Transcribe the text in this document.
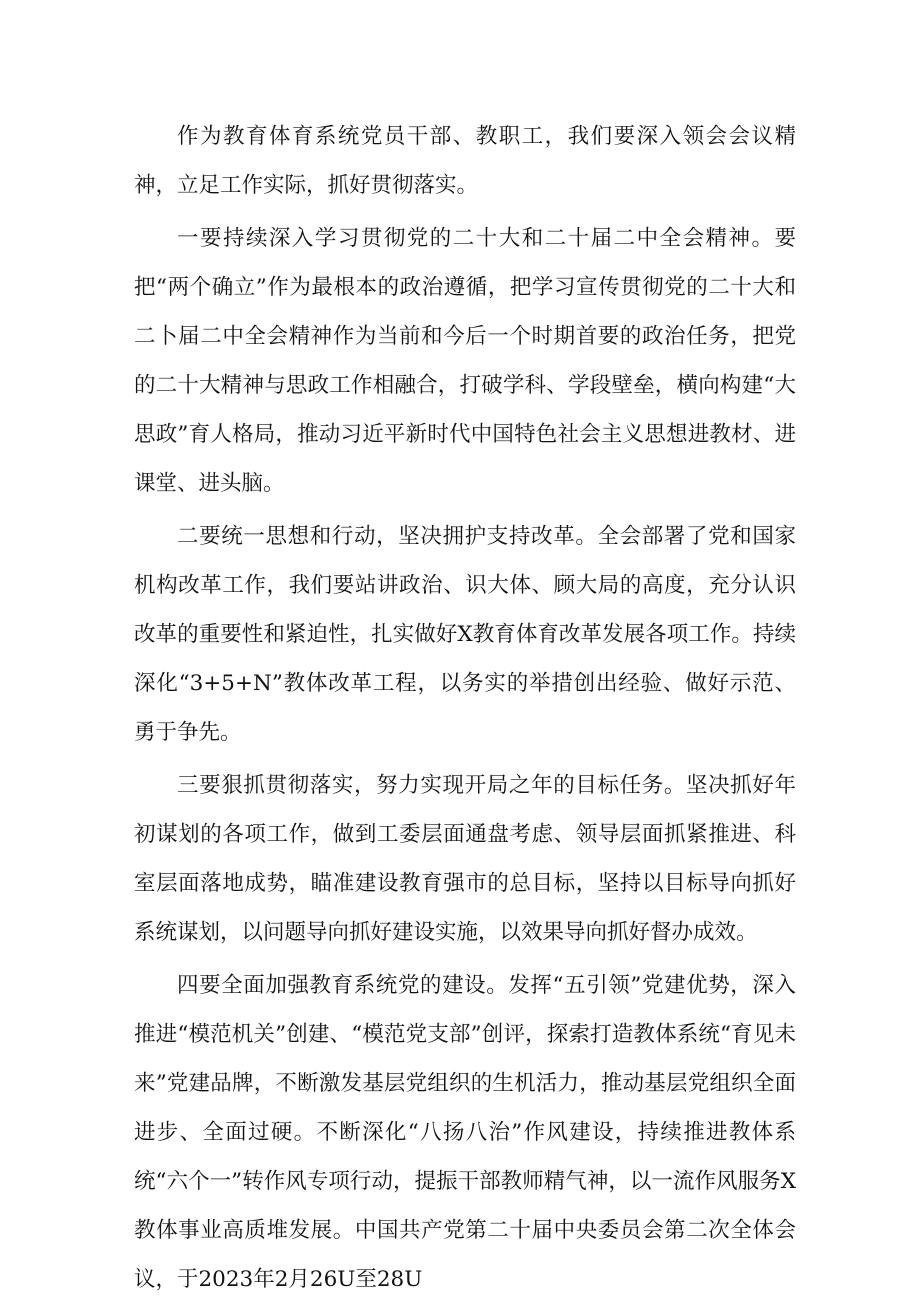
作为教育体育系统党员干部、教职工，我们要深入领会会议精神，立足工作实际，抓好贯彻落实。

一要持续深入学习贯彻党的二十大和二十届二中全会精神。要把“两个确立”作为最根本的政治遵循，把学习宣传贯彻党的二十大和二卜届二中全会精神作为当前和今后一个时期首要的政治任务，把党的二十大精神与思政工作相融合，打破学科、学段壁垒，横向构建“大思政”育人格局，推动习近平新时代中国特色社会主义思想进教材、进课堂、进头脑。

二要统一思想和行动，坚决拥护支持改革。全会部署了党和国家机构改革工作，我们要站讲政治、识大体、顾大局的高度，充分认识改革的重要性和紧迫性，扎实做好X教育体育改革发展各项工作。持续深化“3+5+N”教体改革工程，以务实的举措创出经验、做好示范、勇于争先。

三要狠抓贯彻落实，努力实现开局之年的目标任务。坚决抓好年初谋划的各项工作，做到工委层面通盘考虑、领导层面抓紧推进、科室层面落地成势，瞄准建设教育强市的总目标，坚持以目标导向抓好系统谋划，以问题导向抓好建设实施，以效果导向抓好督办成效。

四要全面加强教育系统党的建设。发挥“五引领”党建优势，深入推进“模范机关”创建、“模范党支部”创评，探索打造教体系统“育见未来”党建品牌，不断激发基层党组织的生机活力，推动基层党组织全面进步、全面过硬。不断深化“八扬八治”作风建设，持续推进教体系统“六个一”转作风专项行动，提振干部教师精气神，以一流作风服务X教体事业高质堆发展。中国共产党第二十届中央委员会第二次全体会议，于2023年2月26U至28U
